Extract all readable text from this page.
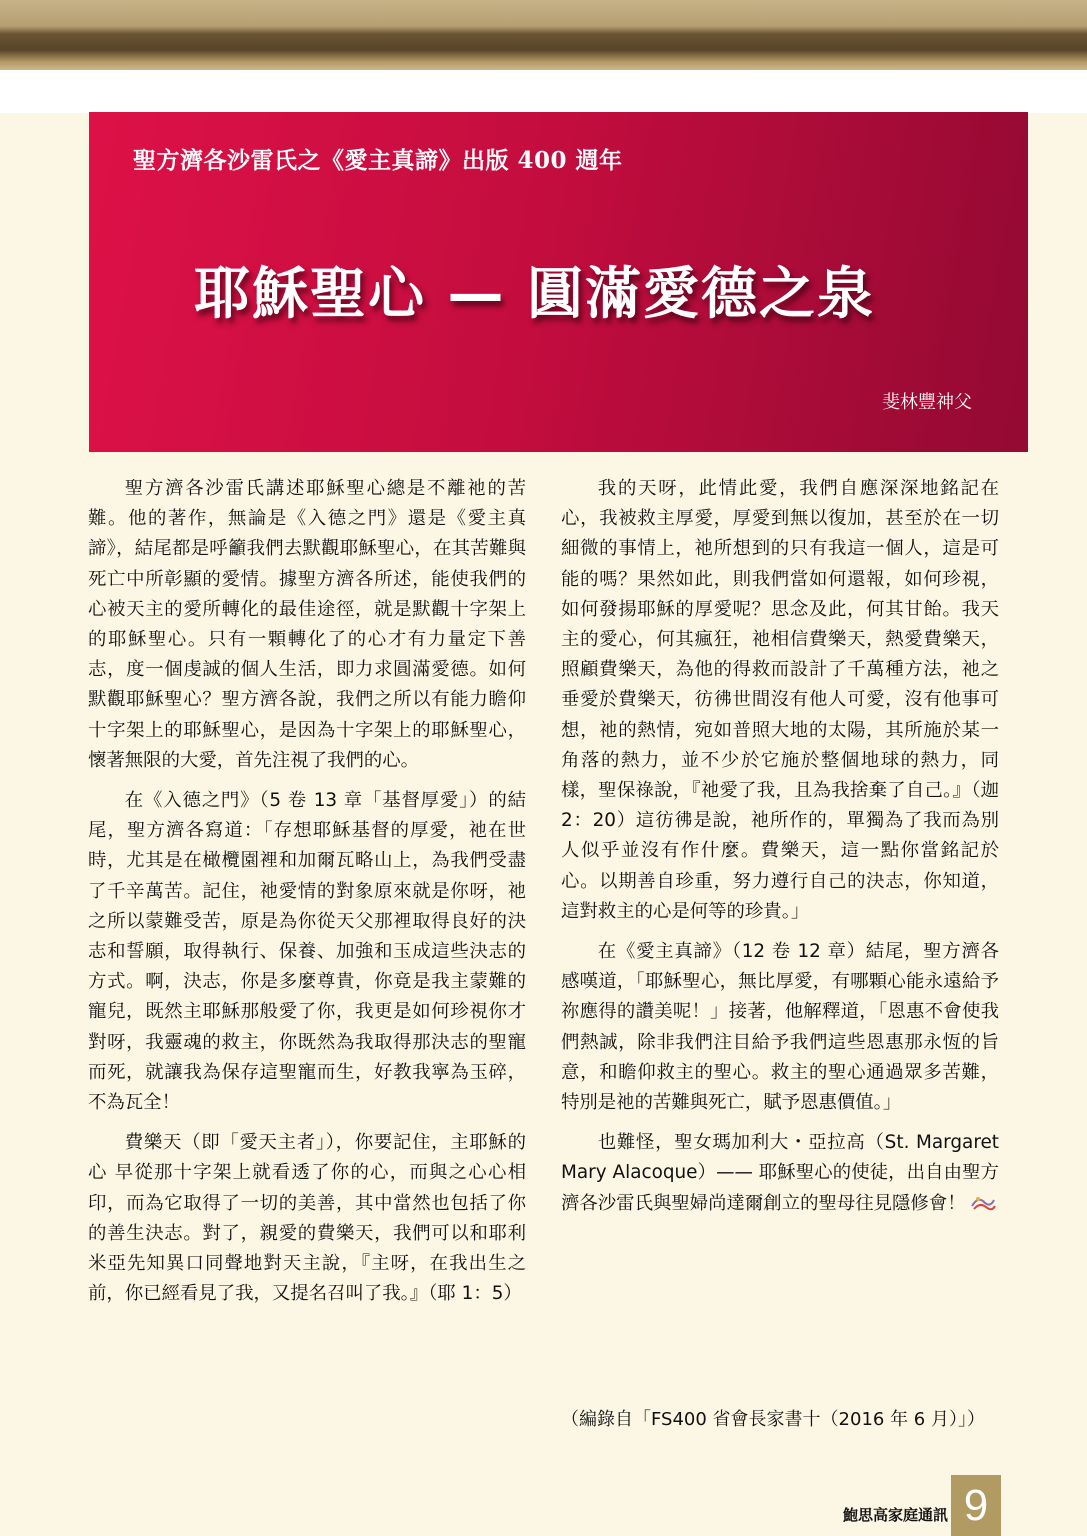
聖方濟各沙雷氏之《愛主真諦》出版 400 週年
耶穌聖心 — 圓滿愛德之泉
斐林豐神父

聖方濟各沙雷氏講述耶穌聖心總是不離祂的苦難。他的著作，無論是《入德之門》還是《愛主真諦》，結尾都是呼籲我們去默觀耶穌聖心，在其苦難與死亡中所彰顯的愛情。據聖方濟各所述，能使我們的心被天主的愛所轉化的最佳途徑，就是默觀十字架上的耶穌聖心。只有一顆轉化了的心才有力量定下善志，度一個虔誠的個人生活，即力求圓滿愛德。如何默觀耶穌聖心？聖方濟各說，我們之所以有能力瞻仰十字架上的耶穌聖心，是因為十字架上的耶穌聖心，懷著無限的大愛，首先注視了我們的心。

在《入德之門》（5 卷 13 章「基督厚愛」）的結尾，聖方濟各寫道：「存想耶穌基督的厚愛，祂在世時，尤其是在橄欖園裡和加爾瓦略山上，為我們受盡了千辛萬苦。記住，祂愛情的對象原來就是你呀，祂之所以蒙難受苦，原是為你從天父那裡取得良好的決志和誓願，取得執行、保養、加強和玉成這些決志的方式。啊，決志，你是多麼尊貴，你竟是我主蒙難的寵兒，既然主耶穌那般愛了你，我更是如何珍視你才對呀，我靈魂的救主，你既然為我取得那決志的聖寵而死，就讓我為保存這聖寵而生，好教我寧為玉碎，不為瓦全！

費樂天（即「愛天主者」），你要記住，主耶穌的心 早從那十字架上就看透了你的心，而與之心心相印，而為它取得了一切的美善，其中當然也包括了你的善生決志。對了，親愛的費樂天，我們可以和耶利米亞先知異口同聲地對天主說，『主呀，在我出生之前，你已經看見了我，又提名召叫了我。』（耶 1：5）

我的天呀，此情此愛，我們自應深深地銘記在心，我被救主厚愛，厚愛到無以復加，甚至於在一切細微的事情上，祂所想到的只有我這一個人，這是可能的嗎？果然如此，則我們當如何還報，如何珍視，如何發揚耶穌的厚愛呢？思念及此，何其甘飴。我天主的愛心，何其瘋狂，祂相信費樂天，熱愛費樂天，照顧費樂天，為他的得救而設計了千萬種方法，祂之垂愛於費樂天，彷彿世間沒有他人可愛，沒有他事可想，祂的熱情，宛如普照大地的太陽，其所施於某一角落的熱力，並不少於它施於整個地球的熱力，同樣，聖保祿說，『祂愛了我，且為我捨棄了自己。』（迦 2：20）這彷彿是說，祂所作的，單獨為了我而為別人似乎並沒有作什麼。費樂天，這一點你當銘記於心。以期善自珍重，努力遵行自己的決志，你知道，這對救主的心是何等的珍貴。」

在《愛主真諦》（12 卷 12 章）結尾，聖方濟各感嘆道，「耶穌聖心，無比厚愛，有哪顆心能永遠給予祢應得的讚美呢！」接著，他解釋道，「恩惠不會使我們熱誠，除非我們注目給予我們這些恩惠那永恆的旨意，和瞻仰救主的聖心。救主的聖心通過眾多苦難，特別是祂的苦難與死亡，賦予恩惠價值。」

也難怪，聖女瑪加利大・亞拉高（St. Margaret Mary Alacoque）—— 耶穌聖心的使徒，出自由聖方濟各沙雷氏與聖婦尚達爾創立的聖母往見隱修會！

（編錄自「FS400 省會長家書十（2016 年 6 月）」）
鮑思高家庭通訊 9
